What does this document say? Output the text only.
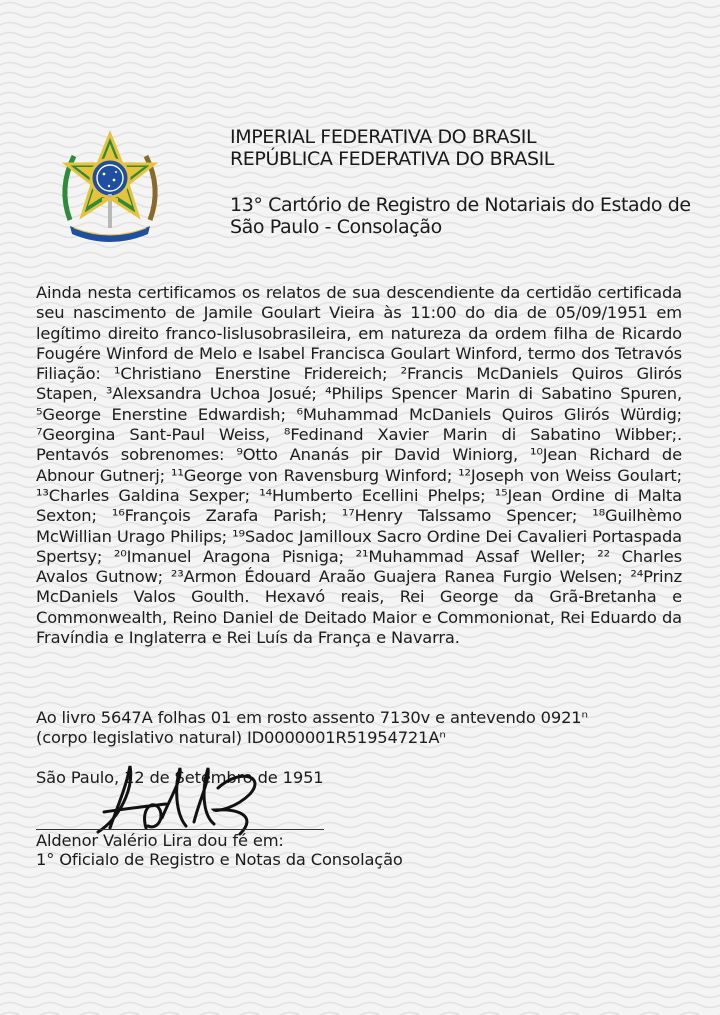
IMPERIAL FEDERATIVA DO BRASIL
REPÚBLICA FEDERATIVA DO BRASIL
13° Cartório de Registro de Notariais do Estado de
São Paulo - Consolação
Ainda nesta certificamos os relatos de sua descendiente da certidão certificada seu nascimento de Jamile Goulart Vieira às 11:00 do dia de 05/09/1951 em legítimo direito franco-lislusobrasileira, em natureza da ordem filha de Ricardo Fougére Winford de Melo e Isabel Francisca Goulart Winford, termo dos Tetravós Filiação: ¹Christiano Enerstine Fridereich; ²Francis McDaniels Quiros Glirós Stapen, ³Alexsandra Uchoa Josué; ⁴Philips Spencer Marin di Sabatino Spuren, ⁵George Enerstine Edwardish; ⁶Muhammad McDaniels Quiros Glirós Würdig; ⁷Georgina Sant-Paul Weiss, ⁸Fedinand Xavier Marin di Sabatino Wibber;. Pentavós sobrenomes: ⁹Otto Ananás pir David Winiorg, ¹⁰Jean Richard de Abnour Gutnerj; ¹¹George von Ravensburg Winford; ¹²Joseph von Weiss Goulart; ¹³Charles Galdina Sexper; ¹⁴Humberto Ecellini Phelps; ¹⁵Jean Ordine di Malta Sexton; ¹⁶François Zarafa Parish; ¹⁷Henry Talssamo Spencer; ¹⁸Guilhèmo McWillian Urago Philips; ¹⁹Sadoc Jamilloux Sacro Ordine Dei Cavalieri Portaspada Spertsy; ²⁰Imanuel Aragona Pisniga; ²¹Muhammad Assaf Weller; ²² Charles Avalos Gutnow; ²³Armon Édouard Araão Guajera Ranea Furgio Welsen; ²⁴Prinz McDaniels Valos Goulth. Hexavó reais, Rei George da Grã-Bretanha e Commonwealth, Reino Daniel de Deitado Maior e Commonionat, Rei Eduardo da Fravíndia e Inglaterra e Rei Luís da França e Navarra.
Ao livro 5647A folhas 01 em rosto assento 7130v e antevendo 0921ⁿ
(corpo legislativo natural) ID0000001R51954721Aⁿ
São Paulo, 12 de Setembro de 1951
Aldenor Valério Lira dou fé em:
1° Oficialo de Registro e Notas da Consolação
